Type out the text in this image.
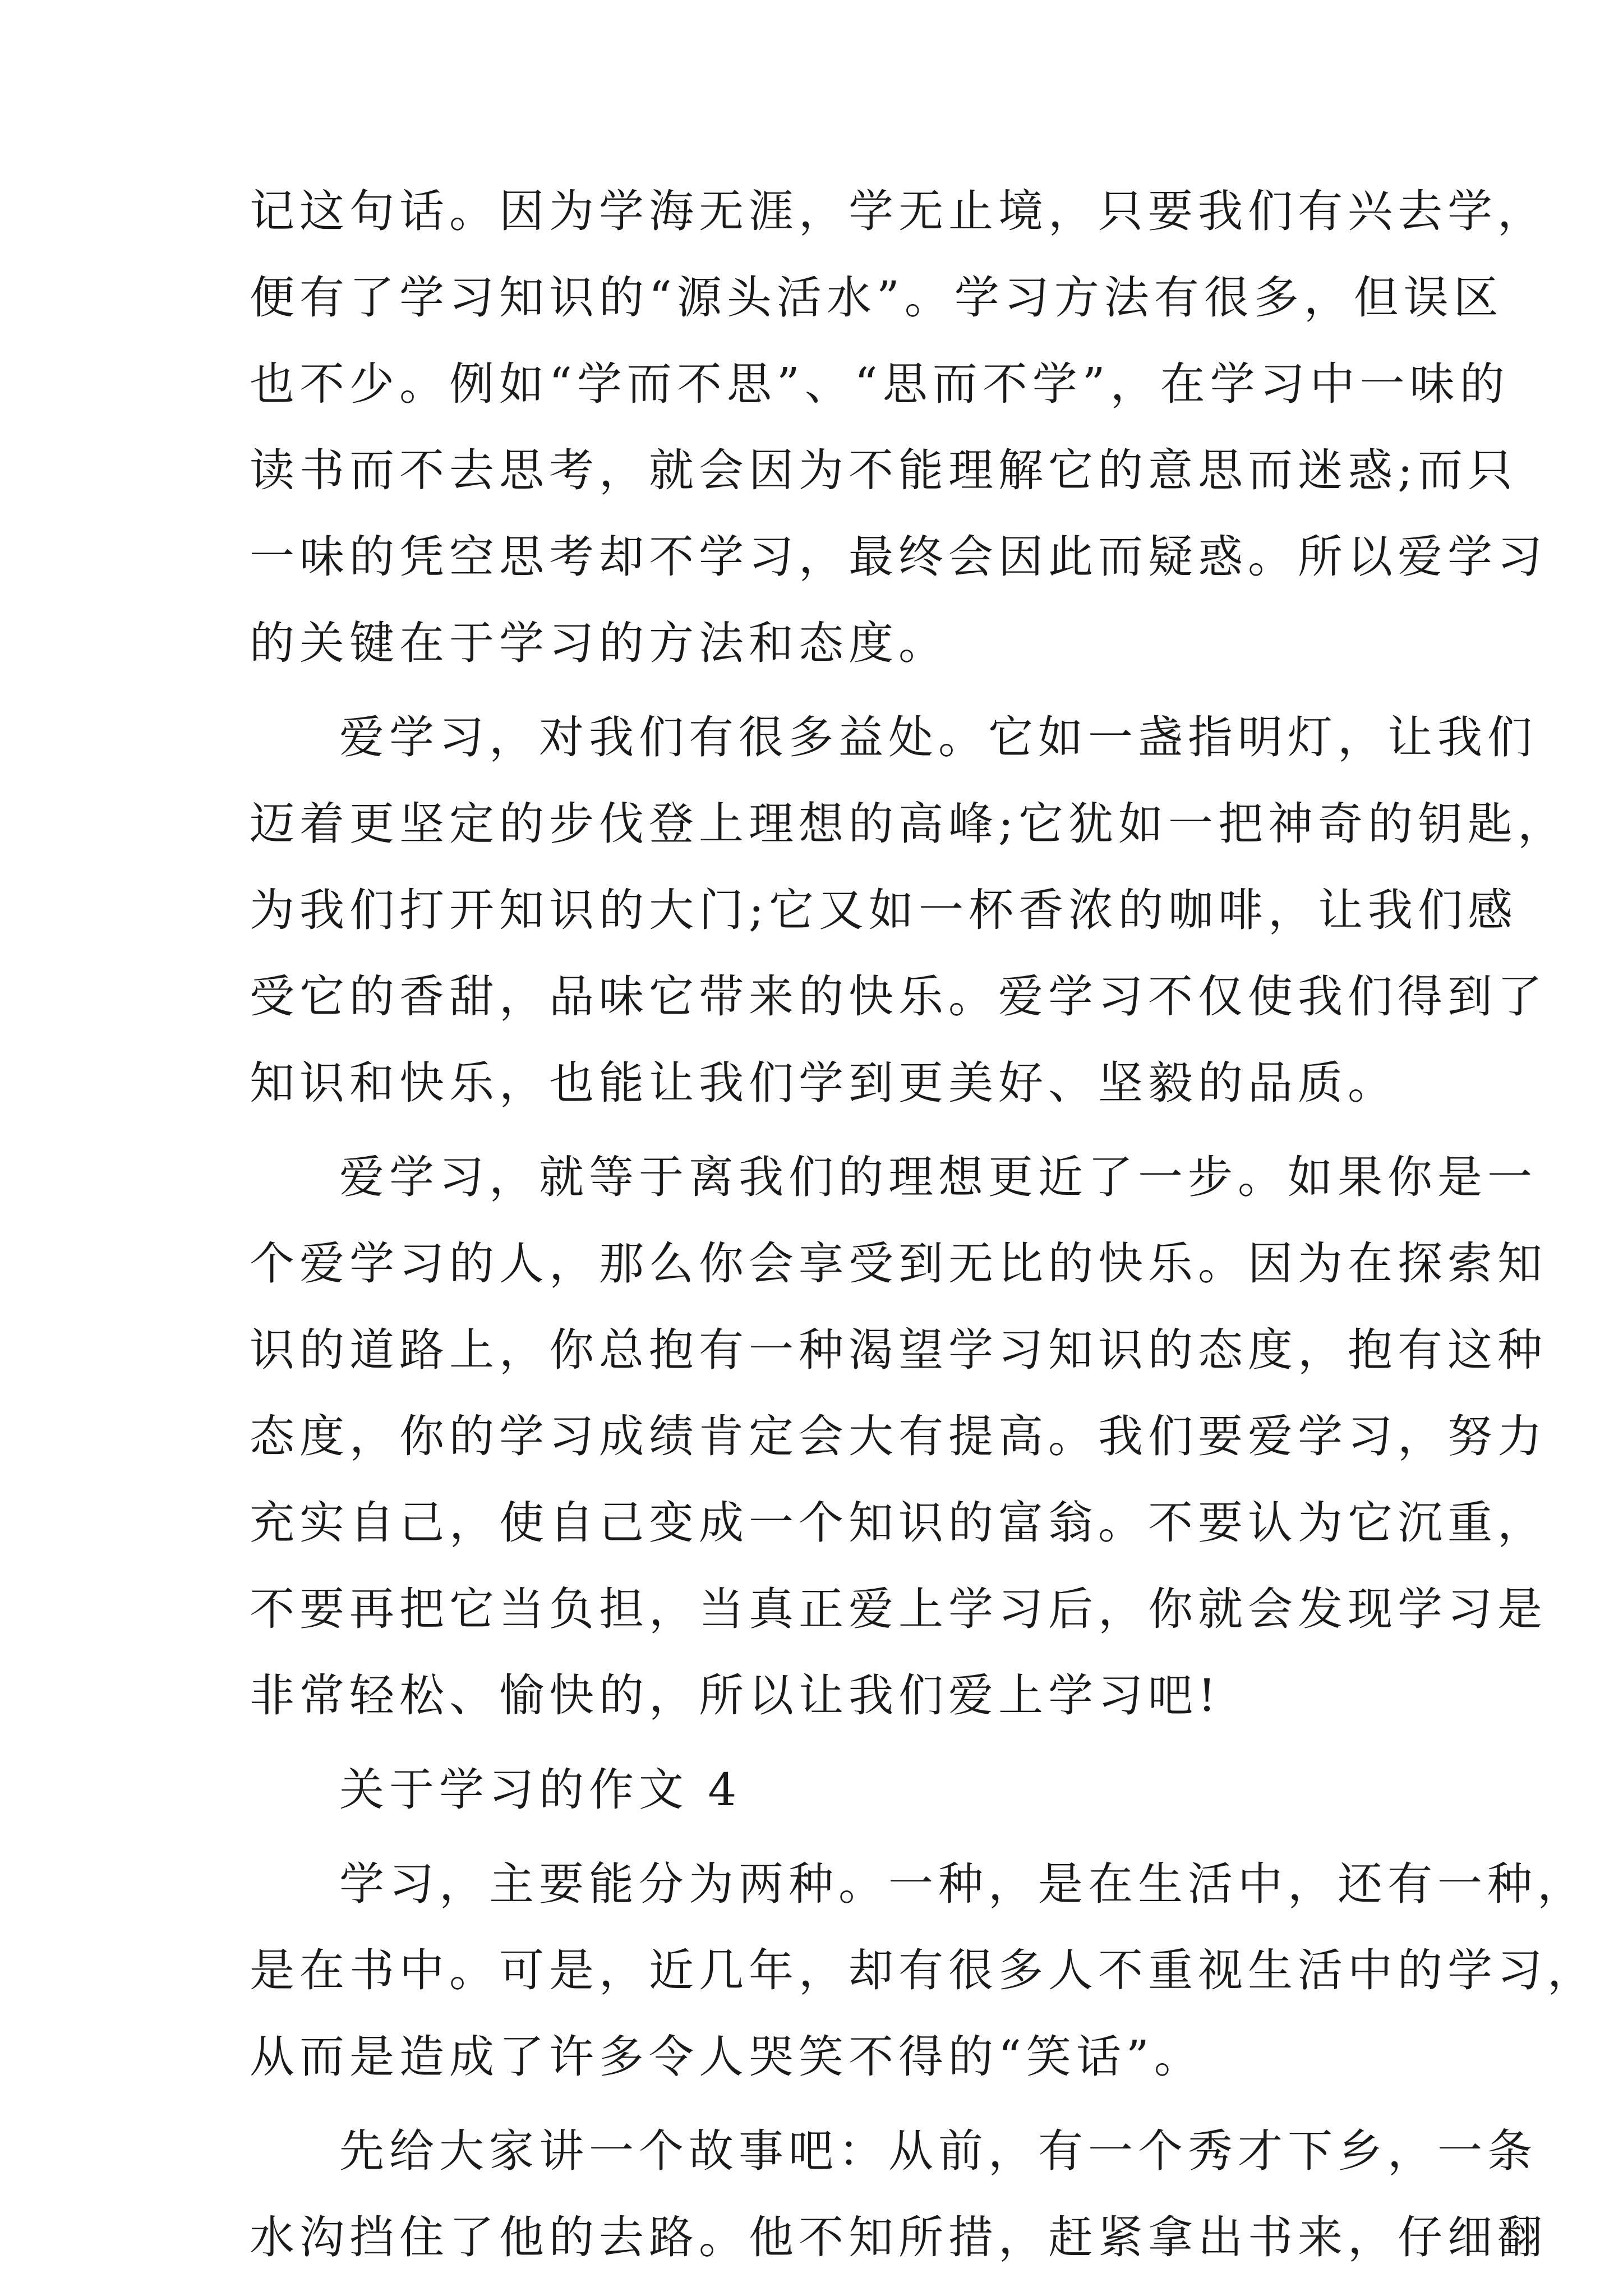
记这句话。因为学海无涯，学无止境，只要我们有兴去学，
便有了学习知识的“源头活水”。学习方法有很多，但误区
也不少。例如“学而不思”、“思而不学”，在学习中一味的
读书而不去思考，就会因为不能理解它的意思而迷惑;而只
一味的凭空思考却不学习，最终会因此而疑惑。所以爱学习
的关键在于学习的方法和态度。
爱学习，对我们有很多益处。它如一盏指明灯，让我们
迈着更坚定的步伐登上理想的高峰;它犹如一把神奇的钥匙，
为我们打开知识的大门;它又如一杯香浓的咖啡，让我们感
受它的香甜，品味它带来的快乐。爱学习不仅使我们得到了
知识和快乐，也能让我们学到更美好、坚毅的品质。
爱学习，就等于离我们的理想更近了一步。如果你是一
个爱学习的人，那么你会享受到无比的快乐。因为在探索知
识的道路上，你总抱有一种渴望学习知识的态度，抱有这种
态度，你的学习成绩肯定会大有提高。我们要爱学习，努力
充实自己，使自己变成一个知识的富翁。不要认为它沉重，
不要再把它当负担，当真正爱上学习后，你就会发现学习是
非常轻松、愉快的，所以让我们爱上学习吧!
关于学习的作文 4
学习，主要能分为两种。一种，是在生活中，还有一种，
是在书中。可是，近几年，却有很多人不重视生活中的学习，
从而是造成了许多令人哭笑不得的“笑话”。
先给大家讲一个故事吧：从前，有一个秀才下乡，一条
水沟挡住了他的去路。他不知所措，赶紧拿出书来，仔细翻
